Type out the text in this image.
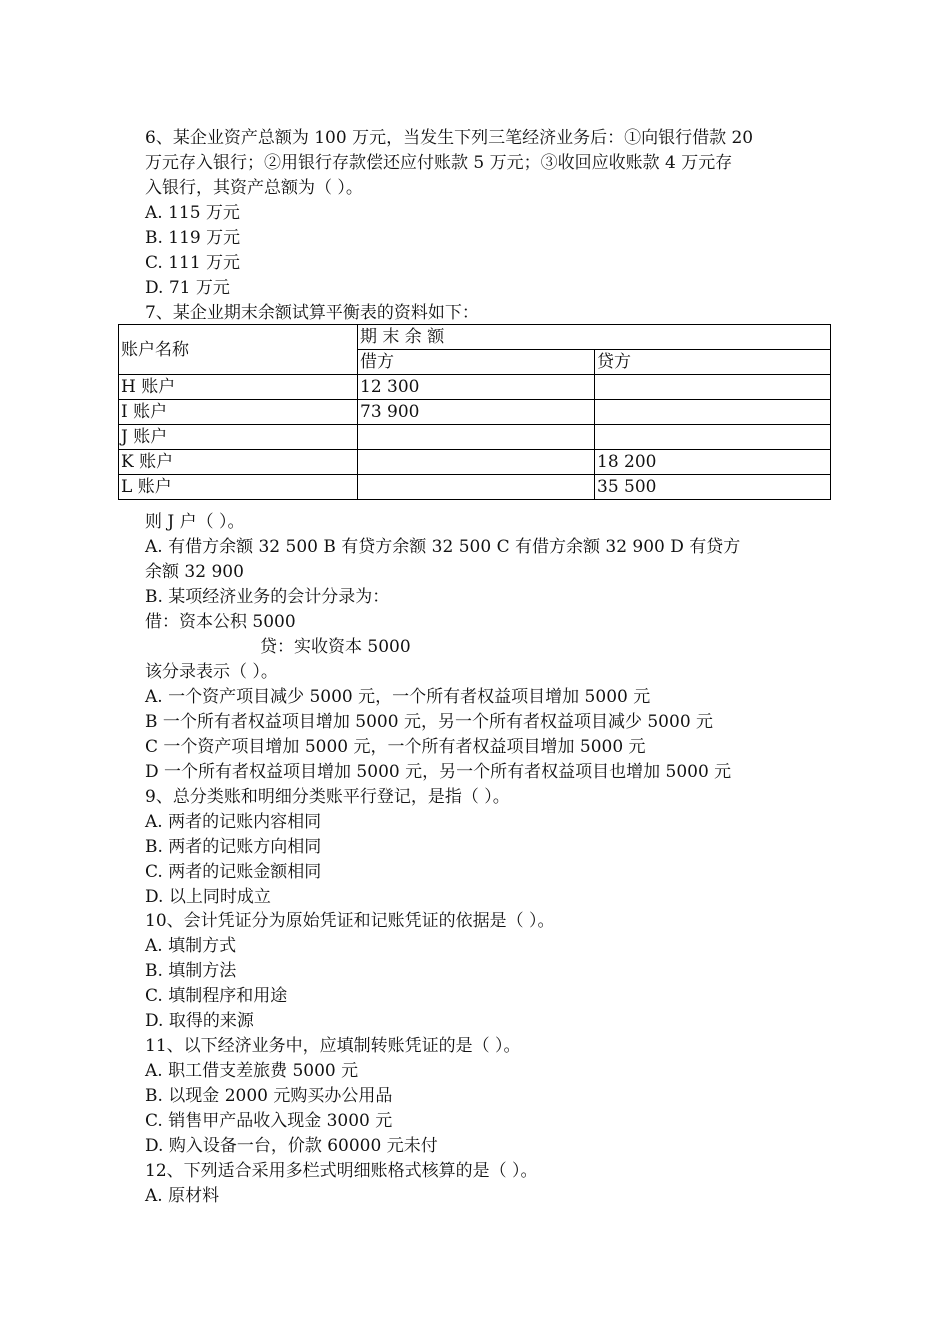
6、某企业资产总额为 100 万元，当发生下列三笔经济业务后：①向银行借款 20
万元存入银行；②用银行存款偿还应付账款 5 万元；③收回应收账款 4 万元存
入银行，其资产总额为（ ）。
A. 115 万元
B. 119 万元
C. 111 万元
D. 71 万元
7、某企业期末余额试算平衡表的资料如下：
账户名称	期 末 余 额	
	借方	贷方
H 账户	12 300	
I 账户	73 900	
J 账户		
K 账户		18 200
L 账户		35 500
则 J 户（ ）。
A. 有借方余额 32 500 B 有贷方余额 32 500 C 有借方余额 32 900 D 有贷方
余额 32 900
B. 某项经济业务的会计分录为：
借：资本公积 5000
贷：实收资本 5000
该分录表示（ ）。
A. 一个资产项目减少 5000 元，一个所有者权益项目增加 5000 元
B 一个所有者权益项目增加 5000 元，另一个所有者权益项目减少 5000 元
C 一个资产项目增加 5000 元，一个所有者权益项目增加 5000 元
D 一个所有者权益项目增加 5000 元，另一个所有者权益项目也增加 5000 元
9、总分类账和明细分类账平行登记，是指（ ）。
A. 两者的记账内容相同
B. 两者的记账方向相同
C. 两者的记账金额相同
D. 以上同时成立
10、会计凭证分为原始凭证和记账凭证的依据是（ ）。
A. 填制方式
B. 填制方法
C. 填制程序和用途
D. 取得的来源
11、以下经济业务中，应填制转账凭证的是（ ）。
A. 职工借支差旅费 5000 元
B. 以现金 2000 元购买办公用品
C. 销售甲产品收入现金 3000 元
D. 购入设备一台，价款 60000 元未付
12、下列适合采用多栏式明细账格式核算的是（ ）。
A. 原材料
